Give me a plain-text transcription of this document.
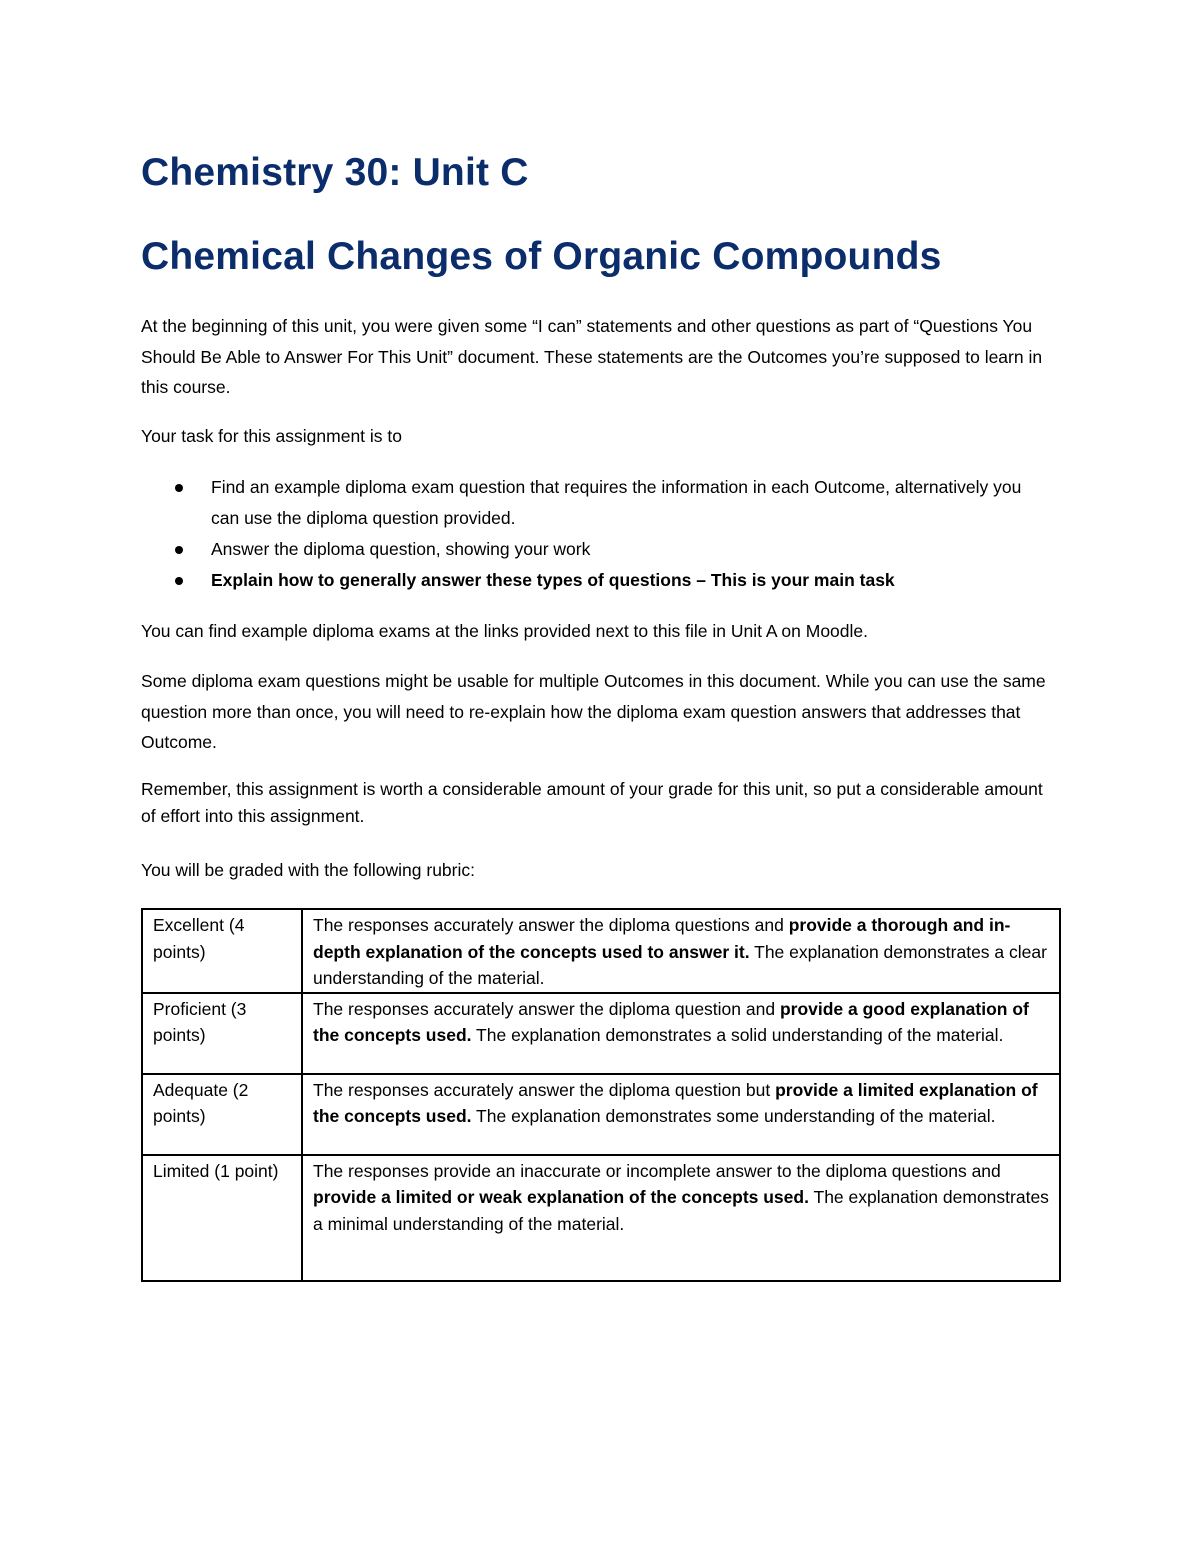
Chemistry 30: Unit C
Chemical Changes of Organic Compounds

At the beginning of this unit, you were given some “I can” statements and other questions as part of “Questions You Should Be Able to Answer For This Unit” document. These statements are the Outcomes you’re supposed to learn in this course.

Your task for this assignment is to

Find an example diploma exam question that requires the information in each Outcome, alternatively you can use the diploma question provided.
Answer the diploma question, showing your work
Explain how to generally answer these types of questions – This is your main task

You can find example diploma exams at the links provided next to this file in Unit A on Moodle.

Some diploma exam questions might be usable for multiple Outcomes in this document. While you can use the same question more than once, you will need to re-explain how the diploma exam question answers that addresses that Outcome.

Remember, this assignment is worth a considerable amount of your grade for this unit, so put a considerable amount of effort into this assignment.

You will be graded with the following rubric:

Excellent (4 points)	The responses accurately answer the diploma questions and provide a thorough and in-depth explanation of the concepts used to answer it. The explanation demonstrates a clear understanding of the material.
Proficient (3 points)	The responses accurately answer the diploma question and provide a good explanation of the concepts used. The explanation demonstrates a solid understanding of the material.
Adequate (2 points)	The responses accurately answer the diploma question but provide a limited explanation of the concepts used. The explanation demonstrates some understanding of the material.
Limited (1 point)	The responses provide an inaccurate or incomplete answer to the diploma questions and provide a limited or weak explanation of the concepts used. The explanation demonstrates a minimal understanding of the material.
